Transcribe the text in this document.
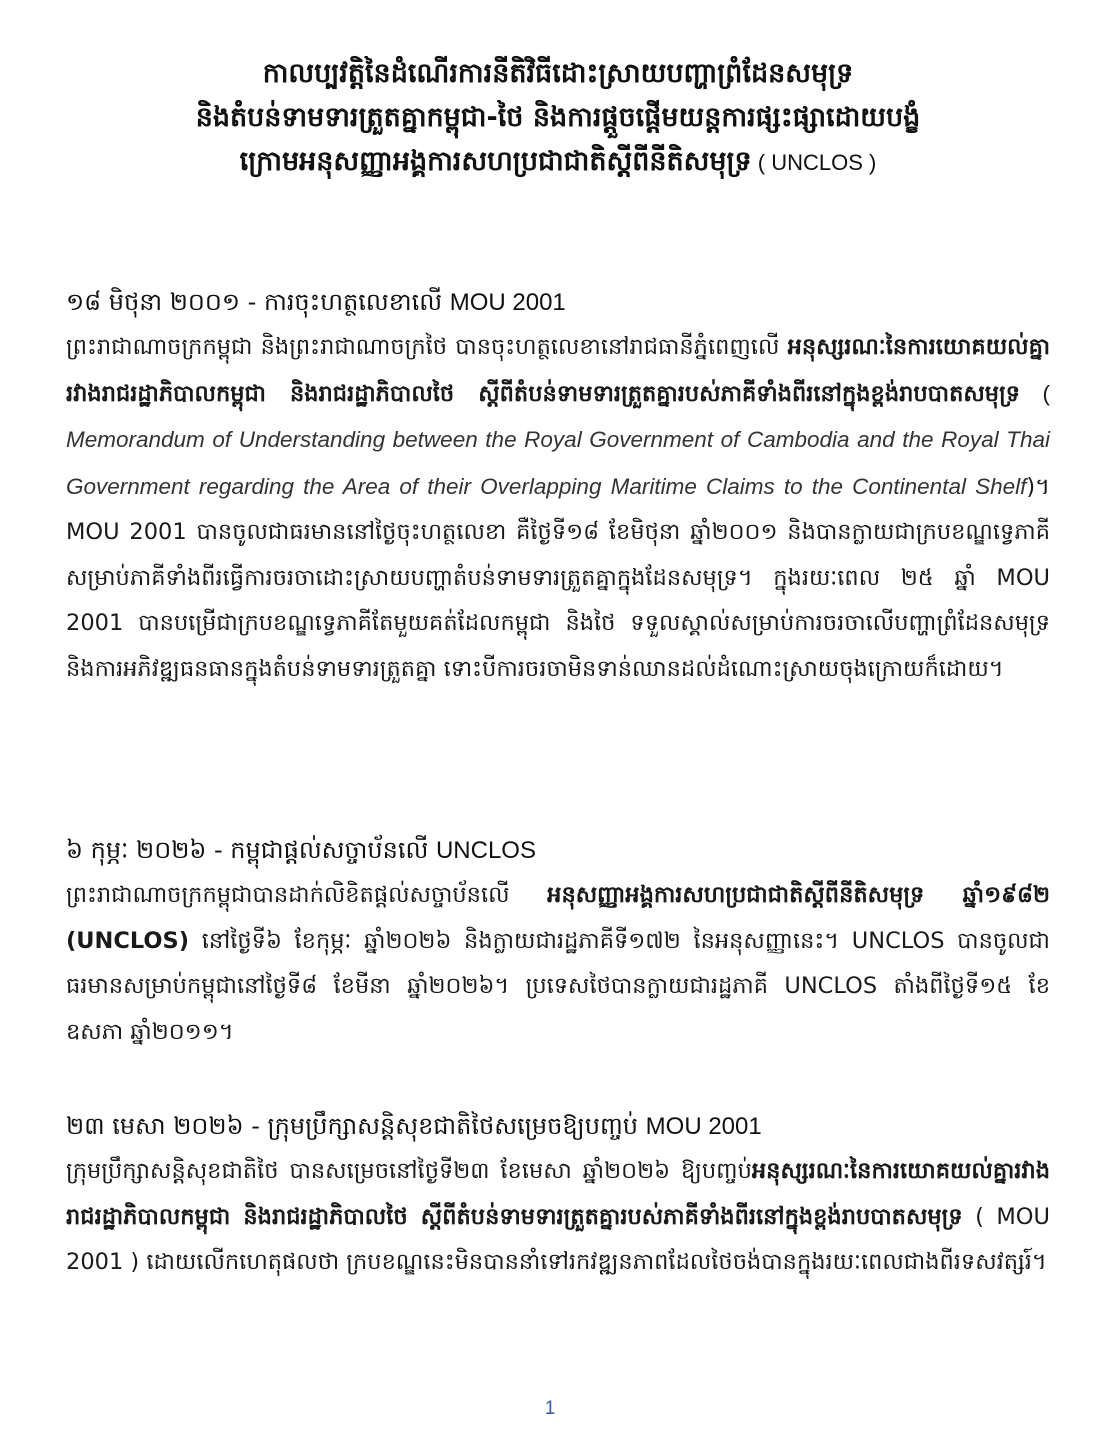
កាលប្បវត្តិនៃដំណើរការនីតិវិធីដោះស្រាយបញ្ហាព្រំដែនសមុទ្រ
និងតំបន់ទាមទារត្រួតគ្នាកម្ពុជា-ថៃ និងការផ្តួចផ្តើមយន្តការផ្សះផ្សាដោយបង្ខំ
ក្រោមអនុសញ្ញាអង្គការសហប្រជាជាតិស្តីពីនីតិសមុទ្រ ( UNCLOS )
១៨ មិថុនា ២០០១ - ការចុះហត្ថលេខាលើ MOU 2001

ព្រះរាជាណាចក្រកម្ពុជា និងព្រះរាជាណាចក្រថៃ បានចុះហត្ថលេខានៅរាជធានីភ្នំពេញលើ អនុស្សរណៈនៃការយោគយល់គ្នារវាងរាជរដ្ឋាភិបាលកម្ពុជា និងរាជរដ្ឋាភិបាលថៃ ស្តីពីតំបន់ទាមទារត្រួតគ្នារបស់ភាគីទាំងពីរនៅក្នុងខ្ពង់រាបបាតសមុទ្រ ( Memorandum of Understanding between the Royal Government of Cambodia and the Royal Thai Government regarding the Area of their Overlapping Maritime Claims to the Continental Shelf)។ MOU 2001 បានចូលជាធរមាននៅថ្ងៃចុះហត្ថលេខា គឺថ្ងៃទី១៨ ខែមិថុនា ឆ្នាំ២០០១ និងបានក្លាយជាក្របខណ្ឌទ្វេភាគីសម្រាប់ភាគីទាំងពីរធ្វើការចរចាដោះស្រាយបញ្ហាតំបន់ទាមទារត្រួតគ្នាក្នុងដែនសមុទ្រ។ ក្នុងរយៈពេល ២៥ ឆ្នាំ MOU 2001 បានបម្រើជាក្របខណ្ឌទ្វេភាគីតែមួយគត់ដែលកម្ពុជា និងថៃ ទទួលស្គាល់សម្រាប់ការចរចាលើបញ្ហាព្រំដែនសមុទ្រនិងការអភិវឌ្ឍធនធានក្នុងតំបន់ទាមទារត្រួតគ្នា ទោះបីការចរចាមិនទាន់ឈានដល់ដំណោះស្រាយចុងក្រោយក៏ដោយ។

៦ កុម្ភៈ ២០២៦ - កម្ពុជាផ្តល់សច្ចាប័នលើ UNCLOS

ព្រះរាជាណាចក្រកម្ពុជាបានដាក់លិខិតផ្តល់សច្ចាប័នលើ អនុសញ្ញាអង្គការសហប្រជាជាតិស្តីពីនីតិសមុទ្រ ឆ្នាំ១៩៨២ (UNCLOS) នៅថ្ងៃទី៦ ខែកុម្ភៈ ឆ្នាំ២០២៦ និងក្លាយជារដ្ឋភាគីទី១៧២ នៃអនុសញ្ញានេះ។ UNCLOS បានចូលជាធរមានសម្រាប់កម្ពុជានៅថ្ងៃទី៨ ខែមីនា ឆ្នាំ២០២៦។ ប្រទេសថៃបានក្លាយជារដ្ឋភាគី UNCLOS តាំងពីថ្ងៃទី១៥ ខែឧសភា ឆ្នាំ២០១១។

២៣ មេសា ២០២៦ - ក្រុមប្រឹក្សាសន្តិសុខជាតិថៃសម្រេចឱ្យបញ្ចប់ MOU 2001

ក្រុមប្រឹក្សាសន្តិសុខជាតិថៃ បានសម្រេចនៅថ្ងៃទី២៣ ខែមេសា ឆ្នាំ២០២៦ ឱ្យបញ្ចប់អនុស្សរណៈនៃការយោគយល់គ្នារវាងរាជរដ្ឋាភិបាលកម្ពុជា និងរាជរដ្ឋាភិបាលថៃ ស្តីពីតំបន់ទាមទារត្រួតគ្នារបស់ភាគីទាំងពីរនៅក្នុងខ្ពង់រាបបាតសមុទ្រ ( MOU 2001 ) ដោយលើកហេតុផលថា ក្របខណ្ឌនេះមិនបាននាំទៅរកវឌ្ឍនភាពដែលថៃចង់បានក្នុងរយៈពេលជាងពីរទសវត្សរ៍។

1
